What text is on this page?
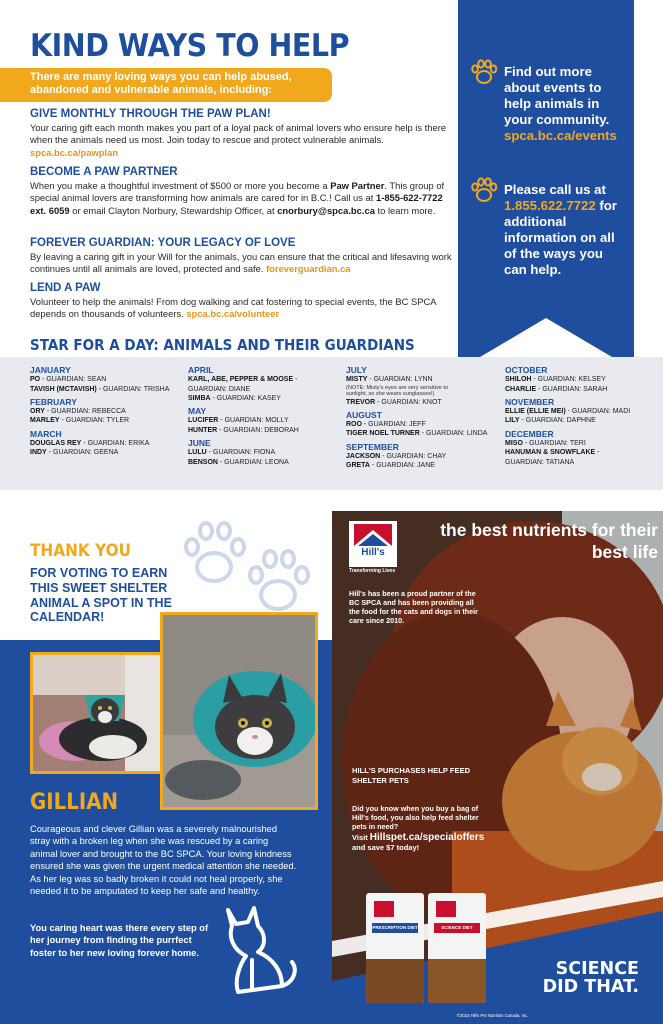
KIND WAYS TO HELP
There are many loving ways you can help abused, abandoned and vulnerable animals, including:
GIVE MONTHLY THROUGH THE PAW PLAN!
Your caring gift each month makes you part of a loyal pack of animal lovers who ensure help is there when the animals need us most. Join today to rescue and protect vulnerable animals. spca.bc.ca/pawplan
BECOME A PAW PARTNER
When you make a thoughtful investment of $500 or more you become a Paw Partner. This group of special animal lovers are transforming how animals are cared for in B.C.! Call us at 1-855-622-7722 ext. 6059 or email Clayton Norbury, Stewardship Officer, at cnorbury@spca.bc.ca to learn more.
FOREVER GUARDIAN: YOUR LEGACY OF LOVE
By leaving a caring gift in your Will for the animals, you can ensure that the critical and lifesaving work continues until all animals are loved, protected and safe. foreverguardian.ca
LEND A PAW
Volunteer to help the animals! From dog walking and cat fostering to special events, the BC SPCA depends on thousands of volunteers. spca.bc.ca/volunteer
Find out more about events to help animals in your community. spca.bc.ca/events
Please call us at 1.855.622.7722 for additional information on all of the ways you can help.
STAR FOR A DAY: ANIMALS AND THEIR GUARDIANS
JANUARY
PO - GUARDIAN: SEAN
TAVISH (MCTAVISH) - GUARDIAN: TRISHA
FEBRUARY
ORY - GUARDIAN: REBECCA
MARLEY - GUARDIAN: TYLER
MARCH
DOUGLAS REY - GUARDIAN: ERIKA
INDY - GUARDIAN: GEENA
APRIL
KARL, ABE, PEPPER & MOOSE -
GUARDIAN: DIANE
SIMBA - GUARDIAN: KASEY
MAY
LUCIFER - GUARDIAN: MOLLY
HUNTER - GUARDIAN: DEBORAH
JUNE
LULU - GUARDIAN: FIONA
BENSON - GUARDIAN: LEONA
JULY
MISTY - GUARDIAN: LYNN
(NOTE: Misty's eyes are very sensitive to sunlight, so she wears sunglasses!)
TREVOR - GUARDIAN: KNOT
AUGUST
ROO - GUARDIAN: JEFF
TIGER NOEL TURNER - GUARDIAN: LINDA
SEPTEMBER
JACKSON - GUARDIAN: CHAY
GRETA - GUARDIAN: JANE
OCTOBER
SHILOH - GUARDIAN: KELSEY
CHARLIE - GUARDIAN: SARAH
NOVEMBER
ELLIE (ELLIE MEI) - GUARDIAN: MADI
LILY - GUARDIAN: DAPHNE
DECEMBER
MISO - GUARDIAN: TERI
HANUMAN & SNOWFLAKE -
GUARDIAN: TATIANA
THANK YOU
FOR VOTING TO EARN THIS SWEET SHELTER ANIMAL A SPOT IN THE CALENDAR!
GILLIAN
Courageous and clever Gillian was a severely malnourished stray with a broken leg when she was rescued by a caring animal lover and brought to the BC SPCA. Your loving kindness ensured she was given the urgent medical attention she needed. As her leg was so badly broken it could not heal properly, she needed it to be amputated to keep her safe and healthy.
You caring heart was there every step of her journey from finding the purrfect foster to her new loving forever home.
Hill's
Transforming Lives
the best nutrients for their best life
Hill's has been a proud partner of the BC SPCA and has been providing all the food for the cats and dogs in their care since 2010.
HILL'S PURCHASES HELP FEED SHELTER PETS
Did you know when you buy a bag of Hill's food, you also help feed shelter pets in need?
Visit Hillspet.ca/specialoffers
and save $7 today!
PRESCRIPTION DIET	SCIENCE DIET
SCIENCE DID THAT.
©2023 Hill's Pet Nutrition Canada, Inc.
